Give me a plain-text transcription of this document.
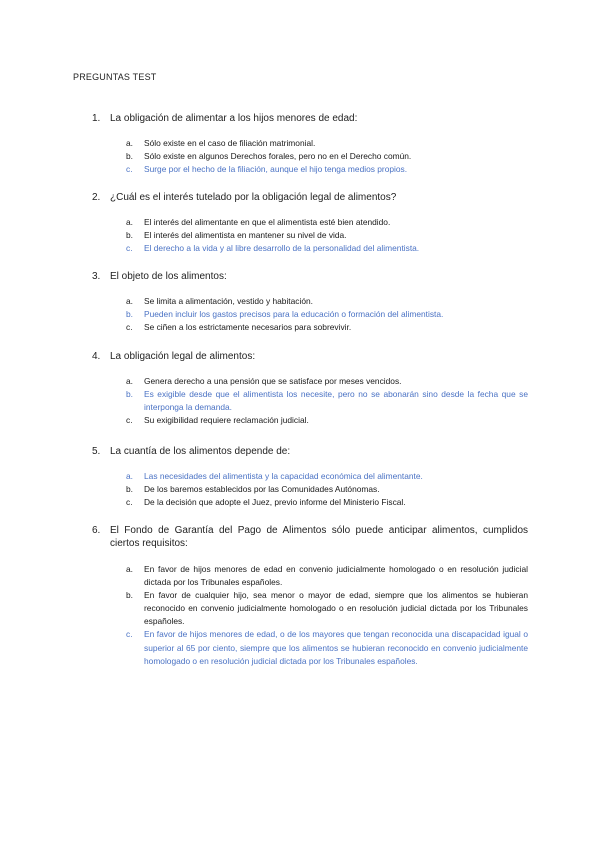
PREGUNTAS TEST
1. La obligación de alimentar a los hijos menores de edad:
a.	Sólo existe en el caso de filiación matrimonial.
b.	Sólo existe en algunos Derechos forales, pero no en el Derecho común.
c.	Surge por el hecho de la filiación, aunque el hijo tenga medios propios.
2. ¿Cuál es el interés tutelado por la obligación legal de alimentos?
a.	El interés del alimentante en que el alimentista esté bien atendido.
b.	El interés del alimentista en mantener su nivel de vida.
c.	El derecho a la vida y al libre desarrollo de la personalidad del alimentista.
3. El objeto de los alimentos:
a.	Se limita a alimentación, vestido y habitación.
b.	Pueden incluir los gastos precisos para la educación o formación del alimentista.
c.	Se ciñen a los estrictamente necesarios para sobrevivir.
4. La obligación legal de alimentos:
a.	Genera derecho a una pensión que se satisface por meses vencidos.
b.	Es exigible desde que el alimentista los necesite, pero no se abonarán sino desde la fecha que se interponga la demanda.
c.	Su exigibilidad requiere reclamación judicial.
5. La cuantía de los alimentos depende de:
a.	Las necesidades del alimentista y la capacidad económica del alimentante.
b.	De los baremos establecidos por las Comunidades Autónomas.
c.	De la decisión que adopte el Juez, previo informe del Ministerio Fiscal.
6. El Fondo de Garantía del Pago de Alimentos sólo puede anticipar alimentos, cumplidos ciertos requisitos:
a.	En favor de hijos menores de edad en convenio judicialmente homologado o en resolución judicial dictada por los Tribunales españoles.
b.	En favor de cualquier hijo, sea menor o mayor de edad, siempre que los alimentos se hubieran reconocido en convenio judicialmente homologado o en resolución judicial dictada por los Tribunales españoles.
c.	En favor de hijos menores de edad, o de los mayores que tengan reconocida una discapacidad igual o superior al 65 por ciento, siempre que los alimentos se hubieran reconocido en convenio judicialmente homologado o en resolución judicial dictada por los Tribunales españoles.
